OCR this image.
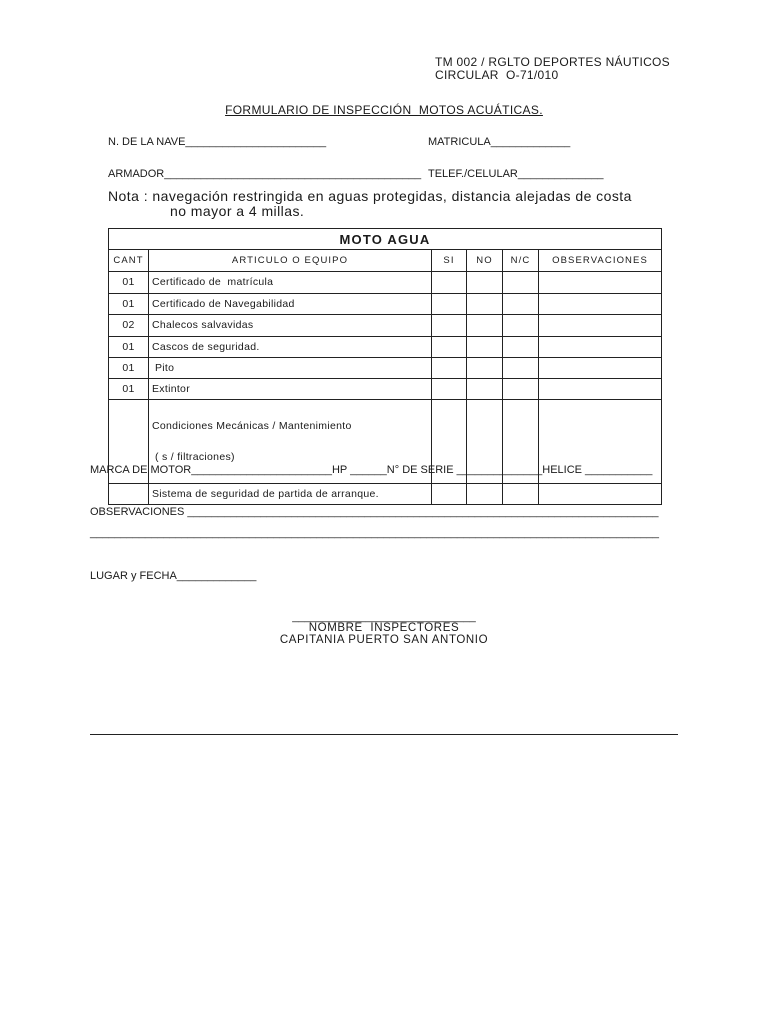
TM 002 / RGLTO DEPORTES NÁUTICOS
CIRCULAR  O-71/010
FORMULARIO DE INSPECCIÓN  MOTOS ACUÁTICAS.
N. DE LA NAVE_______________________	MATRICULA_____________
ARMADOR__________________________________________ TELEF./CELULAR______________
Nota : navegación restringida en aguas protegidas, distancia alejadas de costa
no mayor a 4 millas.
MOTO AGUA					
CANT	ARTICULO O EQUIPO	SI	NO	N/C	OBSERVACIONES
01	Certificado de  matrícula				
01	Certificado de Navegabilidad				
02	Chalecos salvavidas				
01	Cascos de seguridad.				
01	Pito				
01	Extintor				

	Condiciones Mecánicas / Mantenimiento

( s / filtraciones)				

	Sistema de seguridad de partida de arranque.				
MARCA DE MOTOR_______________________HP ______N° DE SERIE ______________HELICE ___________
OBSERVACIONES _____________________________________________________________________________
_____________________________________________________________________________________________
LUGAR y FECHA_____________
______________________________
NOMBRE  INSPECTORES
CAPITANIA PUERTO SAN ANTONIO
